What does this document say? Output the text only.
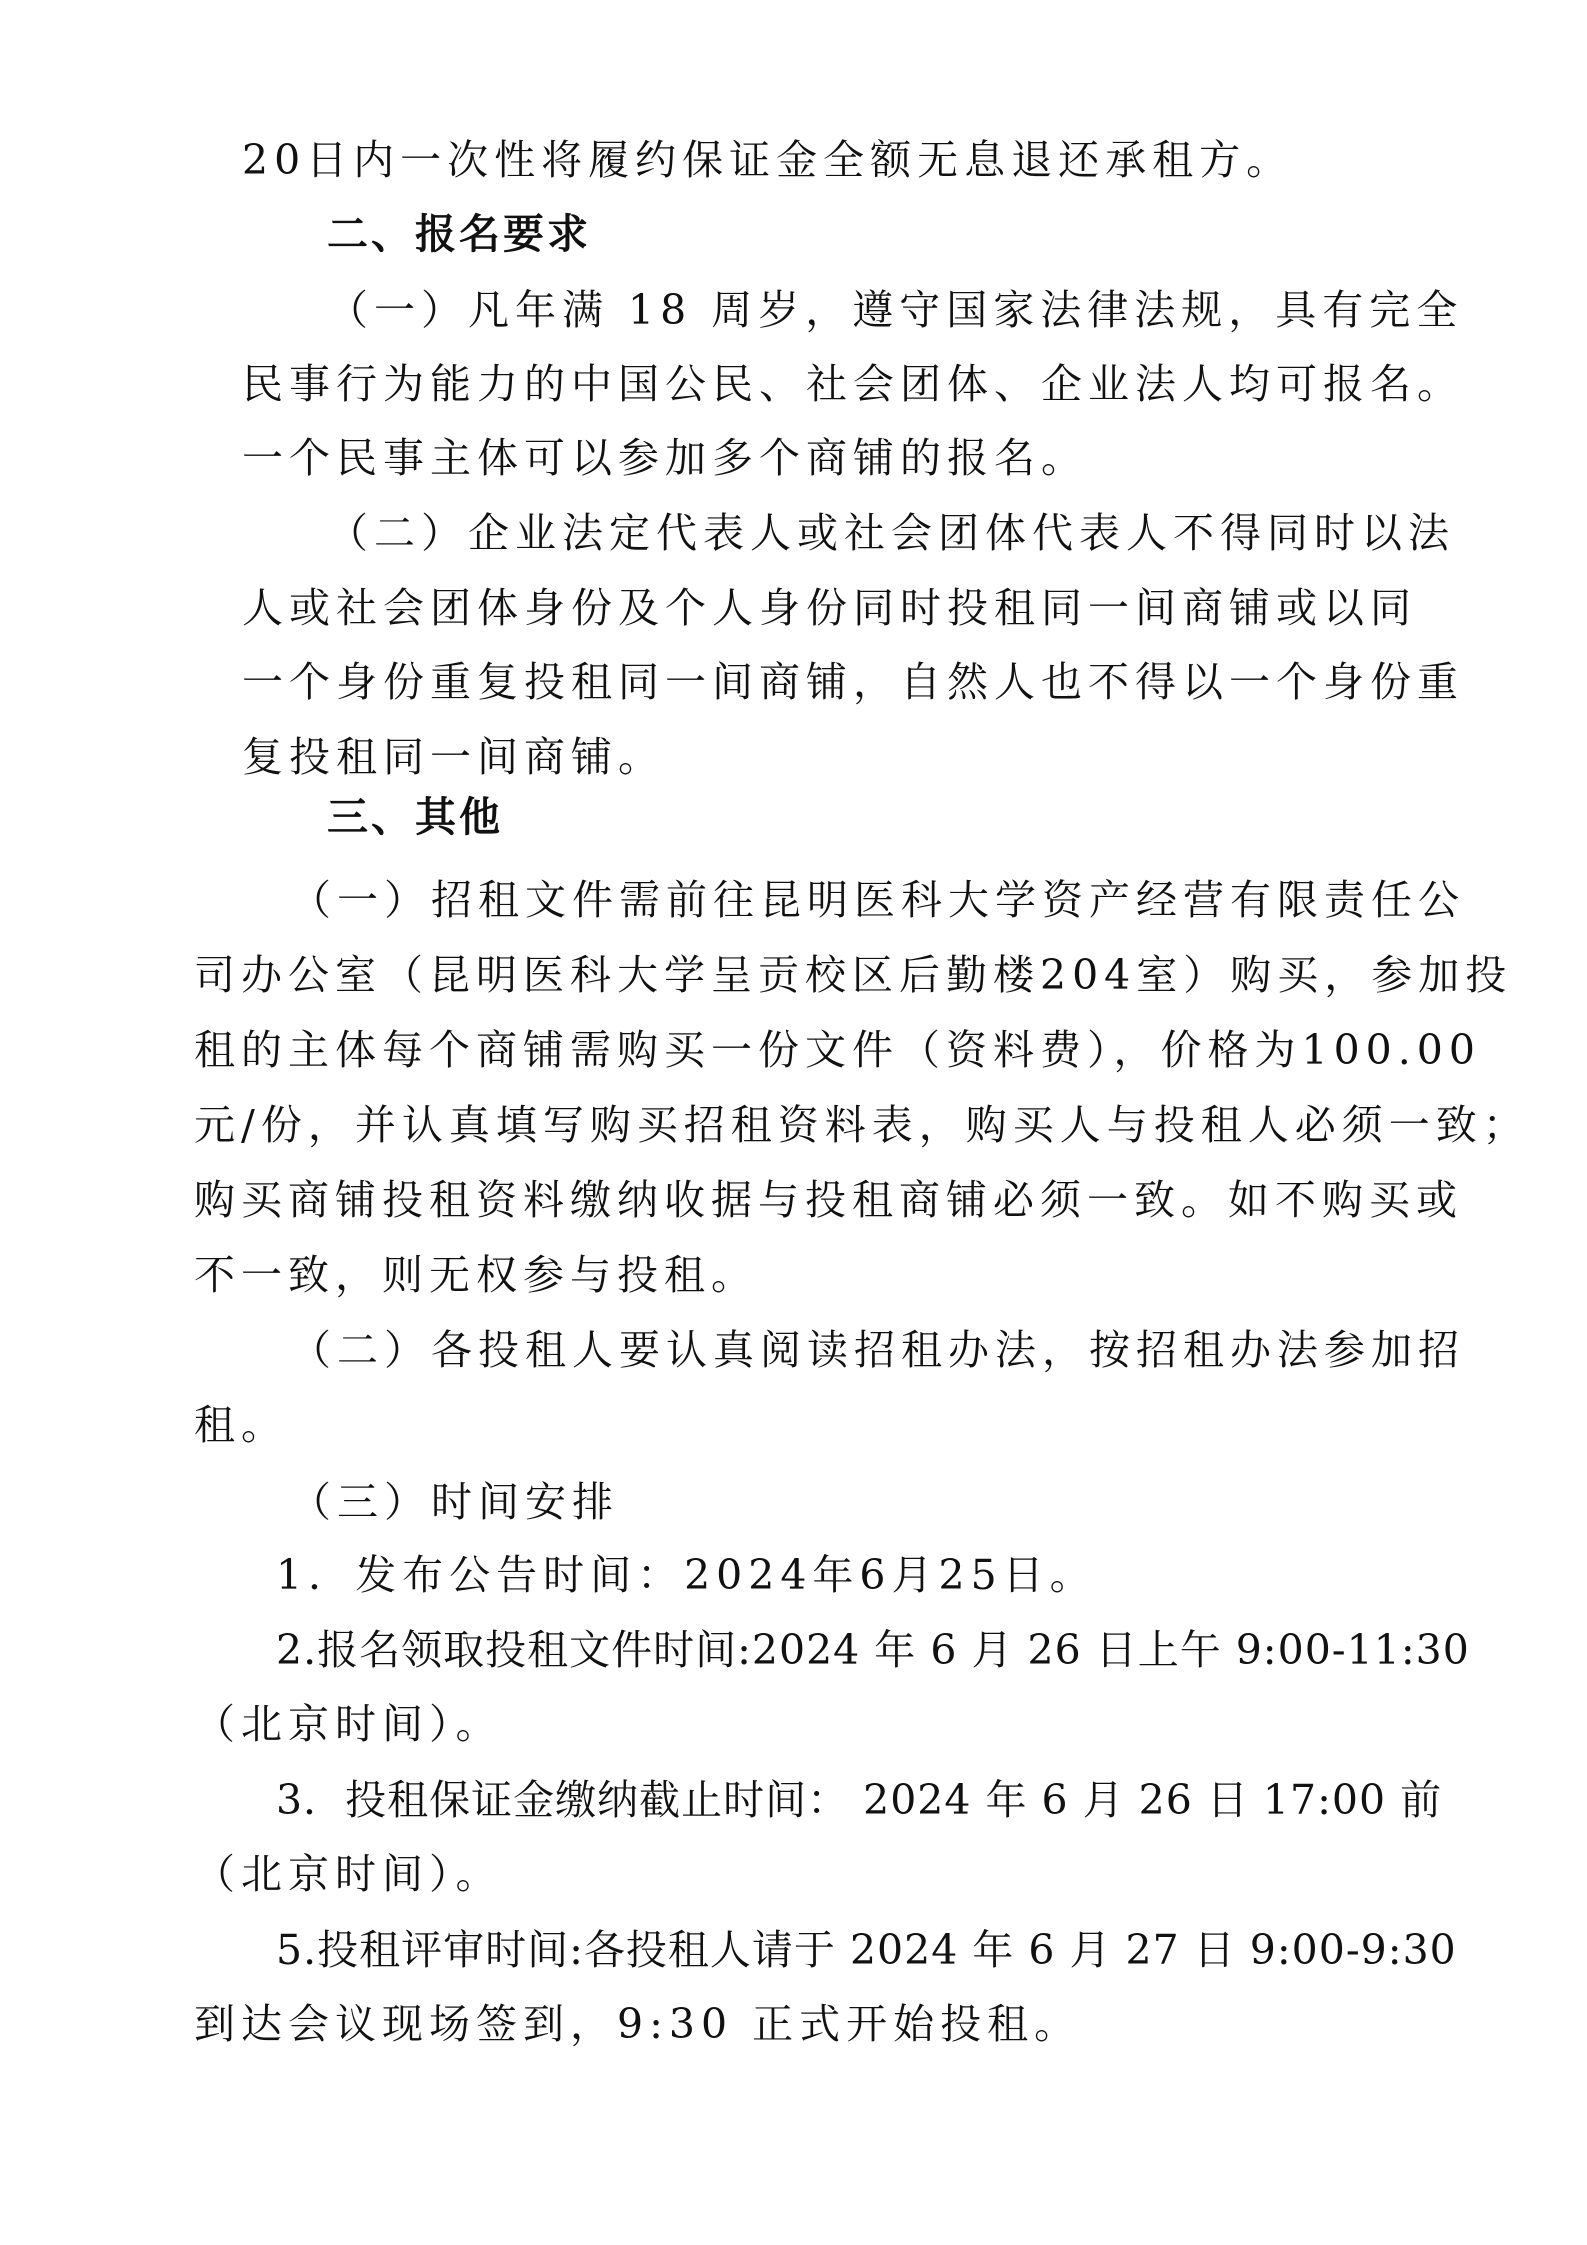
20日内一次性将履约保证金全额无息退还承租方。
二、报名要求
（一）凡年满 18 周岁，遵守国家法律法规，具有完全
民事行为能力的中国公民、社会团体、企业法人均可报名。
一个民事主体可以参加多个商铺的报名。
（二）企业法定代表人或社会团体代表人不得同时以法
人或社会团体身份及个人身份同时投租同一间商铺或以同
一个身份重复投租同一间商铺，自然人也不得以一个身份重
复投租同一间商铺。
三、其他
（一）招租文件需前往昆明医科大学资产经营有限责任公
司办公室（昆明医科大学呈贡校区后勤楼204室）购买，参加投
租的主体每个商铺需购买一份文件（资料费），价格为100.00
元/份，并认真填写购买招租资料表，购买人与投租人必须一致；
购买商铺投租资料缴纳收据与投租商铺必须一致。如不购买或
不一致，则无权参与投租。
（二）各投租人要认真阅读招租办法，按招租办法参加招
租。
（三）时间安排
1．发布公告时间：2024年6月25日。
2.报名领取投租文件时间:2024 年 6 月 26 日上午 9:00-11:30
（北京时间）。
3．投租保证金缴纳截止时间： 2024 年 6 月 26 日 17:00 前
（北京时间）。
5.投租评审时间:各投租人请于 2024 年 6 月 27 日 9:00-9:30
到达会议现场签到，9:30 正式开始投租。
